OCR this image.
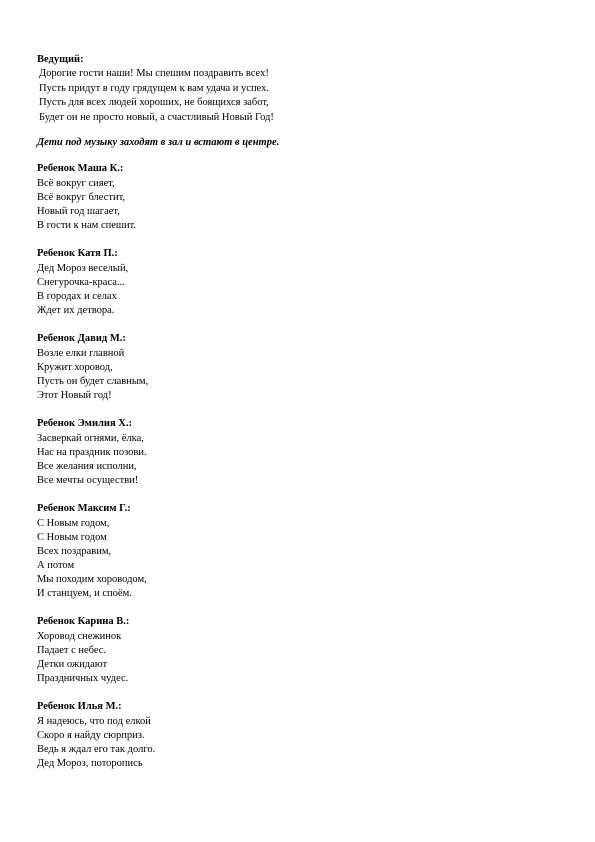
Ведущий:
Дорогие гости наши! Мы спешим поздравить всех!
Пусть придут в году грядущем к вам удача и успех.
Пусть для всех людей хороших, не боящихся забот,
Будет он не просто новый, а счастливый Новый Год!
Дети под музыку заходят в зал и встают в центре.
Ребенок Маша К.:
Всё вокруг сияет,
Всё вокруг блестит,
Новый год шагает,
В гости к нам спешит.
Ребенок Катя П.:
Дед Мороз веселый,
Снегурочка-краса...
В городах и селах
Ждет их детвора.
Ребенок Давид М.:
Возле елки главной
Кружит хоровод,
Пусть он будет славным,
Этот Новый год!
Ребенок Эмилия Х.:
Засверкай огнями, ёлка,
Нас на праздник позови.
Все желания исполни,
Все мечты осуществи!
Ребенок Максим Г.:
С Новым годом,
С Новым годом
Всех поздравим,
А потом
Мы походим хороводом,
И станцуем, и споём.
Ребенок Карина В.:
Хоровод снежинок
Падает с небес.
Детки ожидают
Праздничных чудес.
Ребенок Илья М.:
Я надеюсь, что под елкой
Скоро я найду сюрприз.
Ведь я ждал его так долго.
Дед Мороз, поторопись
